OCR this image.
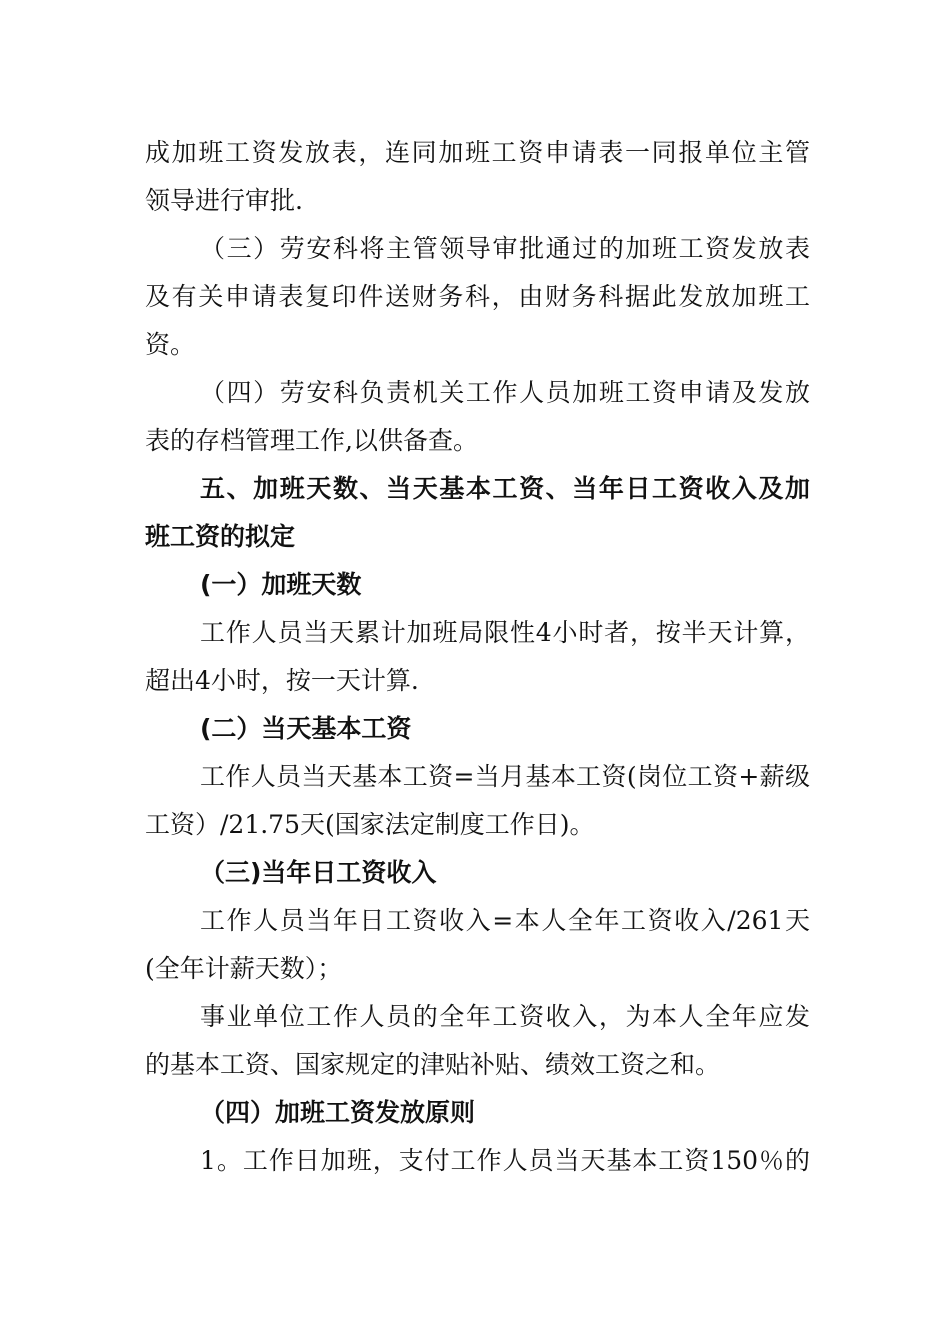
成加班工资发放表，连同加班工资申请表一同报单位主管
领导进行审批.
（三）劳安科将主管领导审批通过的加班工资发放表
及有关申请表复印件送财务科，由财务科据此发放加班工
资。
（四）劳安科负责机关工作人员加班工资申请及发放
表的存档管理工作,以供备查。
五、加班天数、当天基本工资、当年日工资收入及加
班工资的拟定
(一）加班天数
工作人员当天累计加班局限性4小时者，按半天计算，
超出4小时，按一天计算.
(二）当天基本工资
工作人员当天基本工资=当月基本工资(岗位工资+薪级
工资）/21.75天(国家法定制度工作日)。
（三)当年日工资收入
工作人员当年日工资收入=本人全年工资收入/261天
(全年计薪天数）；
事业单位工作人员的全年工资收入，为本人全年应发
的基本工资、国家规定的津贴补贴、绩效工资之和。
（四）加班工资发放原则
1。工作日加班，支付工作人员当天基本工资150％的
